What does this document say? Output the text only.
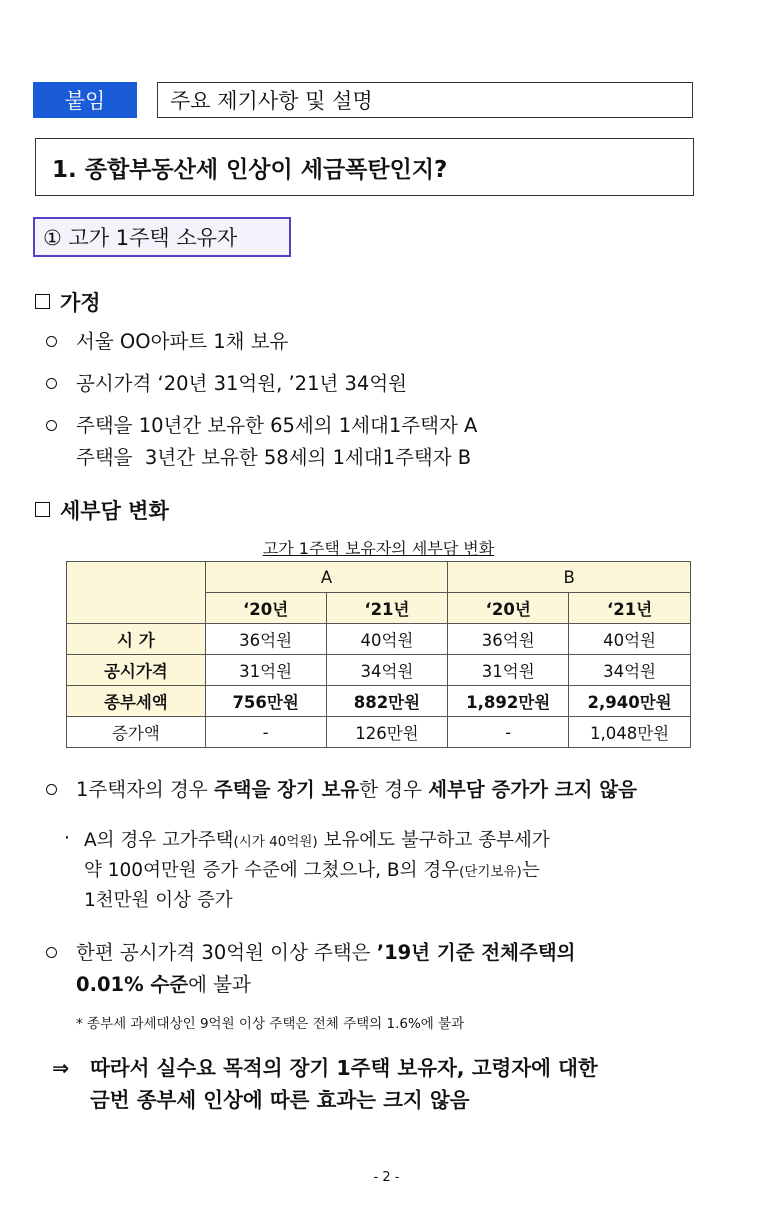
붙임	주요 제기사항 및 설명
1. 종합부동산세 인상이 세금폭탄인지?
① 고가 1주택 소유자
가정
서울 OO아파트 1채 보유
공시가격 ‘20년 31억원, ’21년 34억원
주택을 10년간 보유한 65세의 1세대1주택자 A
주택을  3년간 보유한 58세의 1세대1주택자 B
세부담 변화
고가 1주택 보유자의 세부담 변화
	A		B	
	‘20년	‘21년	‘20년	‘21년
시 가	36억원	40억원	36억원	40억원
공시가격	31억원	34억원	31억원	34억원
종부세액	756만원	882만원	1,892만원	2,940만원
증가액	-	126만원	-	1,048만원
1주택자의 경우 주택을 장기 보유한 경우 세부담 증가가 크지 않음
· A의 경우 고가주택(시가 40억원) 보유에도 불구하고 종부세가
약 100여만원 증가 수준에 그쳤으나, B의 경우(단기보유)는
1천만원 이상 증가
한편 공시가격 30억원 이상 주택은 ’19년 기준 전체주택의
0.01% 수준에 불과
* 종부세 과세대상인 9억원 이상 주택은 전체 주택의 1.6%에 불과
⇒ 따라서 실수요 목적의 장기 1주택 보유자, 고령자에 대한
금번 종부세 인상에 따른 효과는 크지 않음
- 2 -
